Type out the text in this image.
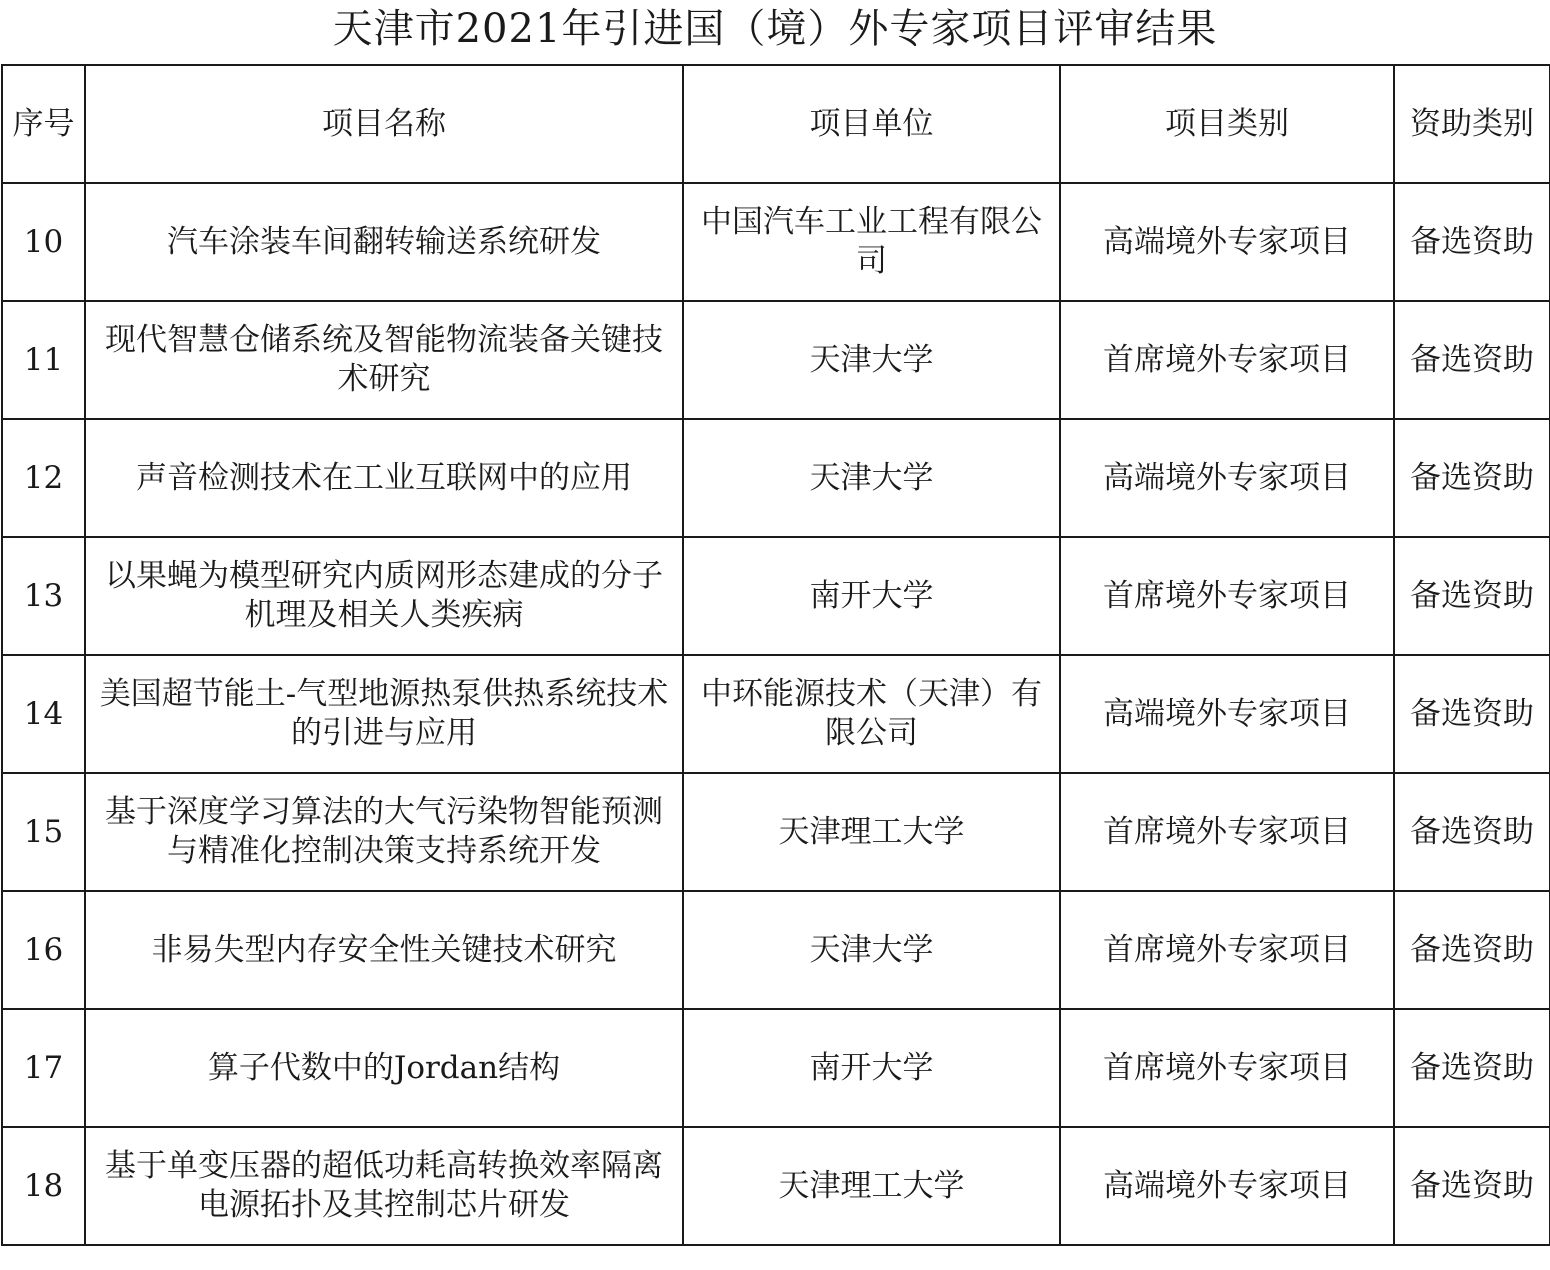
天津市2021年引进国（境）外专家项目评审结果
序号	项目名称	项目单位	项目类别	资助类别
10	汽车涂装车间翻转输送系统研发	中国汽车工业工程有限公司	高端境外专家项目	备选资助
11	现代智慧仓储系统及智能物流装备关键技术研究	天津大学	首席境外专家项目	备选资助
12	声音检测技术在工业互联网中的应用	天津大学	高端境外专家项目	备选资助
13	以果蝇为模型研究内质网形态建成的分子机理及相关人类疾病	南开大学	首席境外专家项目	备选资助
14	美国超节能土-气型地源热泵供热系统技术的引进与应用	中环能源技术（天津）有限公司	高端境外专家项目	备选资助
15	基于深度学习算法的大气污染物智能预测与精准化控制决策支持系统开发	天津理工大学	首席境外专家项目	备选资助
16	非易失型内存安全性关键技术研究	天津大学	首席境外专家项目	备选资助
17	算子代数中的Jordan结构	南开大学	首席境外专家项目	备选资助
18	基于单变压器的超低功耗高转换效率隔离电源拓扑及其控制芯片研发	天津理工大学	高端境外专家项目	备选资助
